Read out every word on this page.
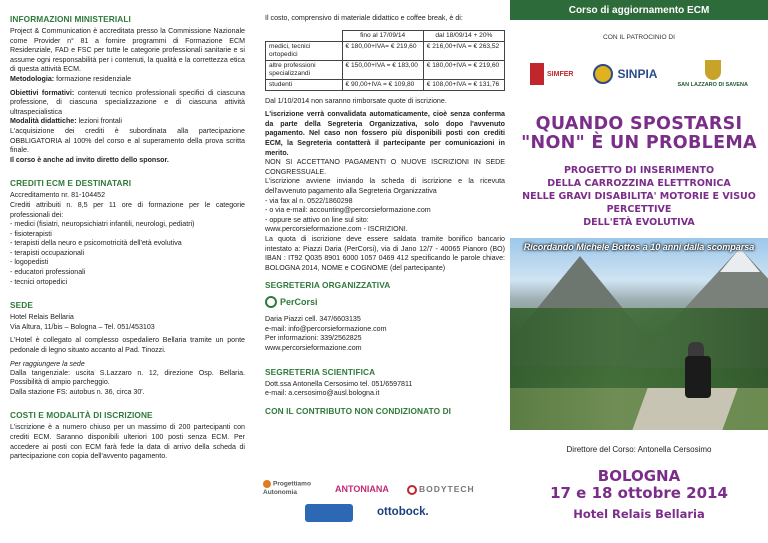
INFORMAZIONI MINISTERIALI

Project & Communication è accreditata presso la Commissione Nazionale come Provider n° 81 a fornire programmi di Formazione ECM Residenziale, FAD e FSC per tutte le categorie professionali sanitarie e si assume ogni responsabilità per i contenuti, la qualità e la correttezza etica di questa attività ECM.

Metodologia: formazione residenziale

Obiettivi formativi: contenuti tecnico professionali specifici di ciascuna professione, di ciascuna specializzazione e di ciascuna attività ultraspecialistica

Modalità didattiche: lezioni frontali

L'acquisizione dei crediti è subordinata alla partecipazione OBBLIGATORIA al 100% del corso e al superamento della prova scritta finale.

Il corso è anche ad invito diretto dello sponsor.

CREDITI ECM E DESTINATARI

Accreditamento nr. 81-104452

Crediti attribuiti n. 8,5 per 11 ore di formazione per le categorie professionali dei:

- medici (fisiatri, neuropsichiatri infantili, neurologi, pediatri)

- fisioterapisti

- terapisti della neuro e psicomotricità dell'età evolutiva

- terapisti occupazionali

- logopedisti

- educatori professionali

- tecnici ortopedici

SEDE

Hotel Relais Bellaria

Via Altura, 11/bis – Bologna – Tel. 051/453103

L'Hotel è collegato al complesso ospedaliero Bellaria tramite un ponte pedonale di legno situato accanto al Pad. Tinozzi.

Per raggiungere la sede

Dalla tangenziale: uscita S.Lazzaro n. 12, direzione Osp. Bellaria. Possibilità di ampio parcheggio.

Dalla stazione FS: autobus n. 36, circa 30'.

COSTI E MODALITÀ DI ISCRIZIONE

L'iscrizione è a numero chiuso per un massimo di 200 partecipanti con crediti ECM. Saranno disponibili ulteriori 100 posti senza ECM. Per accedere ai posti con ECM farà fede la data di arrivo della scheda di partecipazione con copia dell'avvento pagamento.

Il costo, comprensivo di materiale didattico e coffee break, è di:

	fino al 17/09/14	dal 18/09/14 + 20%
medici, tecnici ortopedici	€ 180,00+IVA= € 219,60	€ 216,00+IVA = € 263,52
altre professioni specializzandi	€ 150,00+IVA = € 183,00	€ 180,00+IVA = € 219,60
studenti	€ 90,00+IVA = € 109,80	€ 108,00+IVA = € 131,76

Dal 1/10/2014 non saranno rimborsate quote di iscrizione.

L'iscrizione verrà convalidata automaticamente, cioè senza conferma da parte della Segreteria Organizzativa, solo dopo l'avvenuto pagamento. Nel caso non fossero più disponibili posti con crediti ECM, la Segreteria contatterà il partecipante per comunicazioni in merito.

NON SI ACCETTANO PAGAMENTI O NUOVE ISCRIZIONI IN SEDE CONGRESSUALE.

L'iscrizione avviene inviando la scheda di iscrizione e la ricevuta dell'avvenuto pagamento alla Segreteria Organizzativa

- via fax al n. 0522/1860298

- o via e-mail: accounting@percorsieformazione.com

- oppure se attivo on line sul sito:

www.percorsieformazione.com - ISCRIZIONI.

La quota di iscrizione deve essere saldata tramite bonifico bancario intestato a: Piazzi Daria (PerCorsi), via di Jano 12/7 - 40065 Pianoro (BO) IBAN : IT92 Q035 8901 6000 1057 0469 412 specificando le parole chiave: BOLOGNA 2014, NOME e COGNOME (del partecipante)

SEGRETERIA ORGANIZZATIVA
PerCorsi

Daria Piazzi cell. 347/6603135

e-mail: info@percorsieformazione.com

Per informazioni: 339/2562825

www.percorsieformazione.com

SEGRETERIA SCIENTIFICA

Dott.ssa Antonella Cersosimo tel. 051/6597811

e-mail: a.cersosimo@ausl.bologna.it

CON IL CONTRIBUTO NON CONDIZIONATO DI
Progettiamo Autonomia	ANTONIANA	BODYTECH
ottobock.
Corso di aggiornamento ECM
CON IL PATROCINIO DI
SIMFER	SINPIA
SAN LAZZARO DI SAVENA
QUANDO SPOSTARSI
"NON" È UN PROBLEMA
PROGETTO DI INSERIMENTO
DELLA CARROZZINA ELETTRONICA
NELLE GRAVI DISABILITA' MOTORIE E VISUO PERCETTIVE
DELL'ETÀ EVOLUTIVA
Ricordando Michele Bottos a 10 anni dalla scomparsa
Direttore del Corso: Antonella Cersosimo
BOLOGNA
17 e 18 ottobre 2014
Hotel Relais Bellaria
